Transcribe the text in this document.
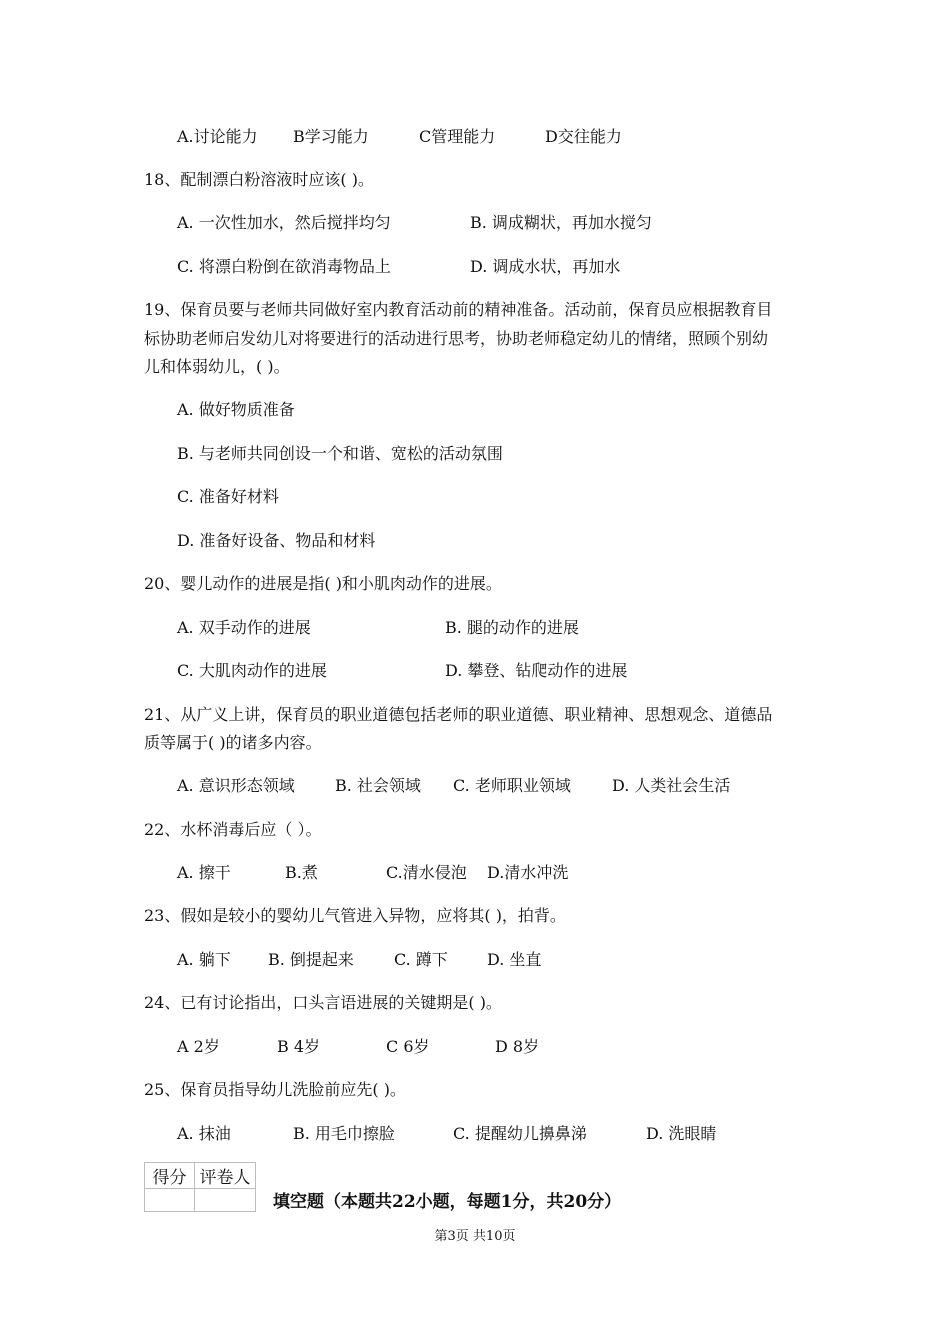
A.讨论能力 B学习能力	C管理能力	D交往能力
18、配制漂白粉溶液时应该( )。
A. 一次性加水，然后搅拌均匀	B. 调成糊状，再加水搅匀
C. 将漂白粉倒在欲消毒物品上	D. 调成水状，再加水
19、保育员要与老师共同做好室内教育活动前的精神准备。活动前，保育员应根据教育目
标协助老师启发幼儿对将要进行的活动进行思考，协助老师稳定幼儿的情绪，照顾个别幼
儿和体弱幼儿，( )。
A. 做好物质准备
B. 与老师共同创设一个和谐、宽松的活动氛围
C. 准备好材料
D. 准备好设备、物品和材料
20、婴儿动作的进展是指( )和小肌肉动作的进展。
A. 双手动作的进展	B. 腿的动作的进展
C. 大肌肉动作的进展	D. 攀登、钻爬动作的进展
21、从广义上讲，保育员的职业道德包括老师的职业道德、职业精神、思想观念、道德品
质等属于( )的诸多内容。
A. 意识形态领域	B. 社会领域 C. 老师职业领域	D. 人类社会生活
22、水杯消毒后应（ ）。
A. 擦干	B.煮	C.清水侵泡 D.清水冲洗
23、假如是较小的婴幼儿气管进入异物，应将其( )，拍背。
A. 躺下 B. 倒提起来	C. 蹲下 D. 坐直
24、已有讨论指出，口头言语进展的关键期是( )。
A 2岁	B 4岁	C 6岁	D 8岁
25、保育员指导幼儿洗脸前应先( )。
A. 抹油	B. 用毛巾擦脸	C. 提醒幼儿擤鼻涕	D. 洗眼睛
得分	评卷人

填空题（本题共22小题，每题1分，共20分）
第3页 共10页
